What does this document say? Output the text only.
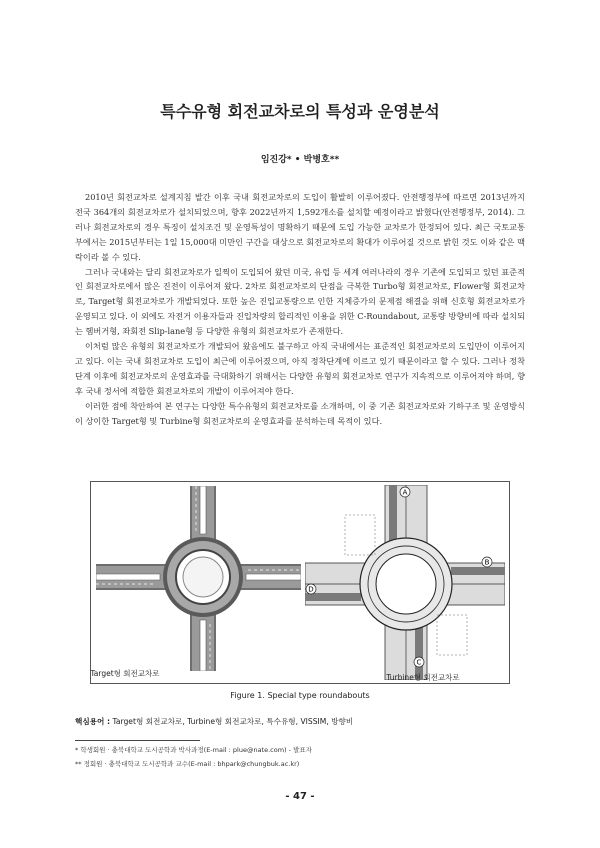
특수유형 회전교차로의 특성과 운영분석
임진강* • 박병호**

2010년 회전교차로 설계지침 발간 이후 국내 회전교차로의 도입이 활발히 이루어졌다. 안전행정부에 따르면 2013년까지 전국 364개의 회전교차로가 설치되었으며, 향후 2022년까지 1,592개소를 설치할 예정이라고 밝혔다(안전행정부, 2014). 그러나 회전교차로의 경우 특징이 설치조건 및 운영특성이 명확하기 때문에 도입 가능한 교차로가 한정되어 있다. 최근 국토교통부에서는 2015년부터는 1일 15,000대 미만인 구간을 대상으로 회전교차로의 확대가 이루어질 것으로 밝힌 것도 이와 같은 맥락이라 볼 수 있다.

그러나 국내와는 달리 회전교차로가 일찍이 도입되어 왔던 미국, 유럽 등 세계 여러나라의 경우 기존에 도입되고 있던 표준적인 회전교차로에서 많은 진전이 이루어져 왔다. 2차로 회전교차로의 단점을 극복한 Turbo형 회전교차로, Flower형 회전교차로, Target형 회전교차로가 개발되었다. 또한 높은 진입교통량으로 인한 지체증가의 문제점 해결을 위해 신호형 회전교차로가 운영되고 있다. 이 외에도 자전거 이용자들과 진입차량의 합리적인 이용을 위한 C-Roundabout, 교통량 방향비에 따라 설치되는 헴버거형, 좌회전 Slip-lane형 등 다양한 유형의 회전교차로가 존재한다.

이처럼 많은 유형의 회전교차로가 개발되어 왔음에도 불구하고 아직 국내에서는 표준적인 회전교차로의 도입만이 이루어지고 있다. 이는 국내 회전교차로 도입이 최근에 이루어졌으며, 아직 정착단계에 이르고 있기 때문이라고 할 수 있다. 그러나 정착단계 이후에 회전교차로의 운영효과를 극대화하기 위해서는 다양한 유형의 회전교차로 연구가 지속적으로 이루어져야 하며, 향후 국내 정서에 적합한 회전교차로의 개발이 이루어져야 한다.

이러한 점에 착안하여 본 연구는 다양한 특수유형의 회전교차로를 소개하며, 이 중 기존 회전교차로와 기하구조 및 운영방식이 상이한 Target형 및 Turbine형 회전교차로의 운영효과를 분석하는데 목적이 있다.

A
B
C
D
Target형 회전교차로	Turbine형 회전교차로
Figure 1. Special type roundabouts
핵심용어 : Target형 회전교차로, Turbine형 회전교차로, 특수유형, VISSIM, 방향비
* 학생회원 · 충북대학교 도시공학과 박사과정(E-mail : plue@nate.com) - 발표자
** 정회원 · 충북대학교 도시공학과 교수(E-mail : bhpark@chungbuk.ac.kr)
- 47 -
